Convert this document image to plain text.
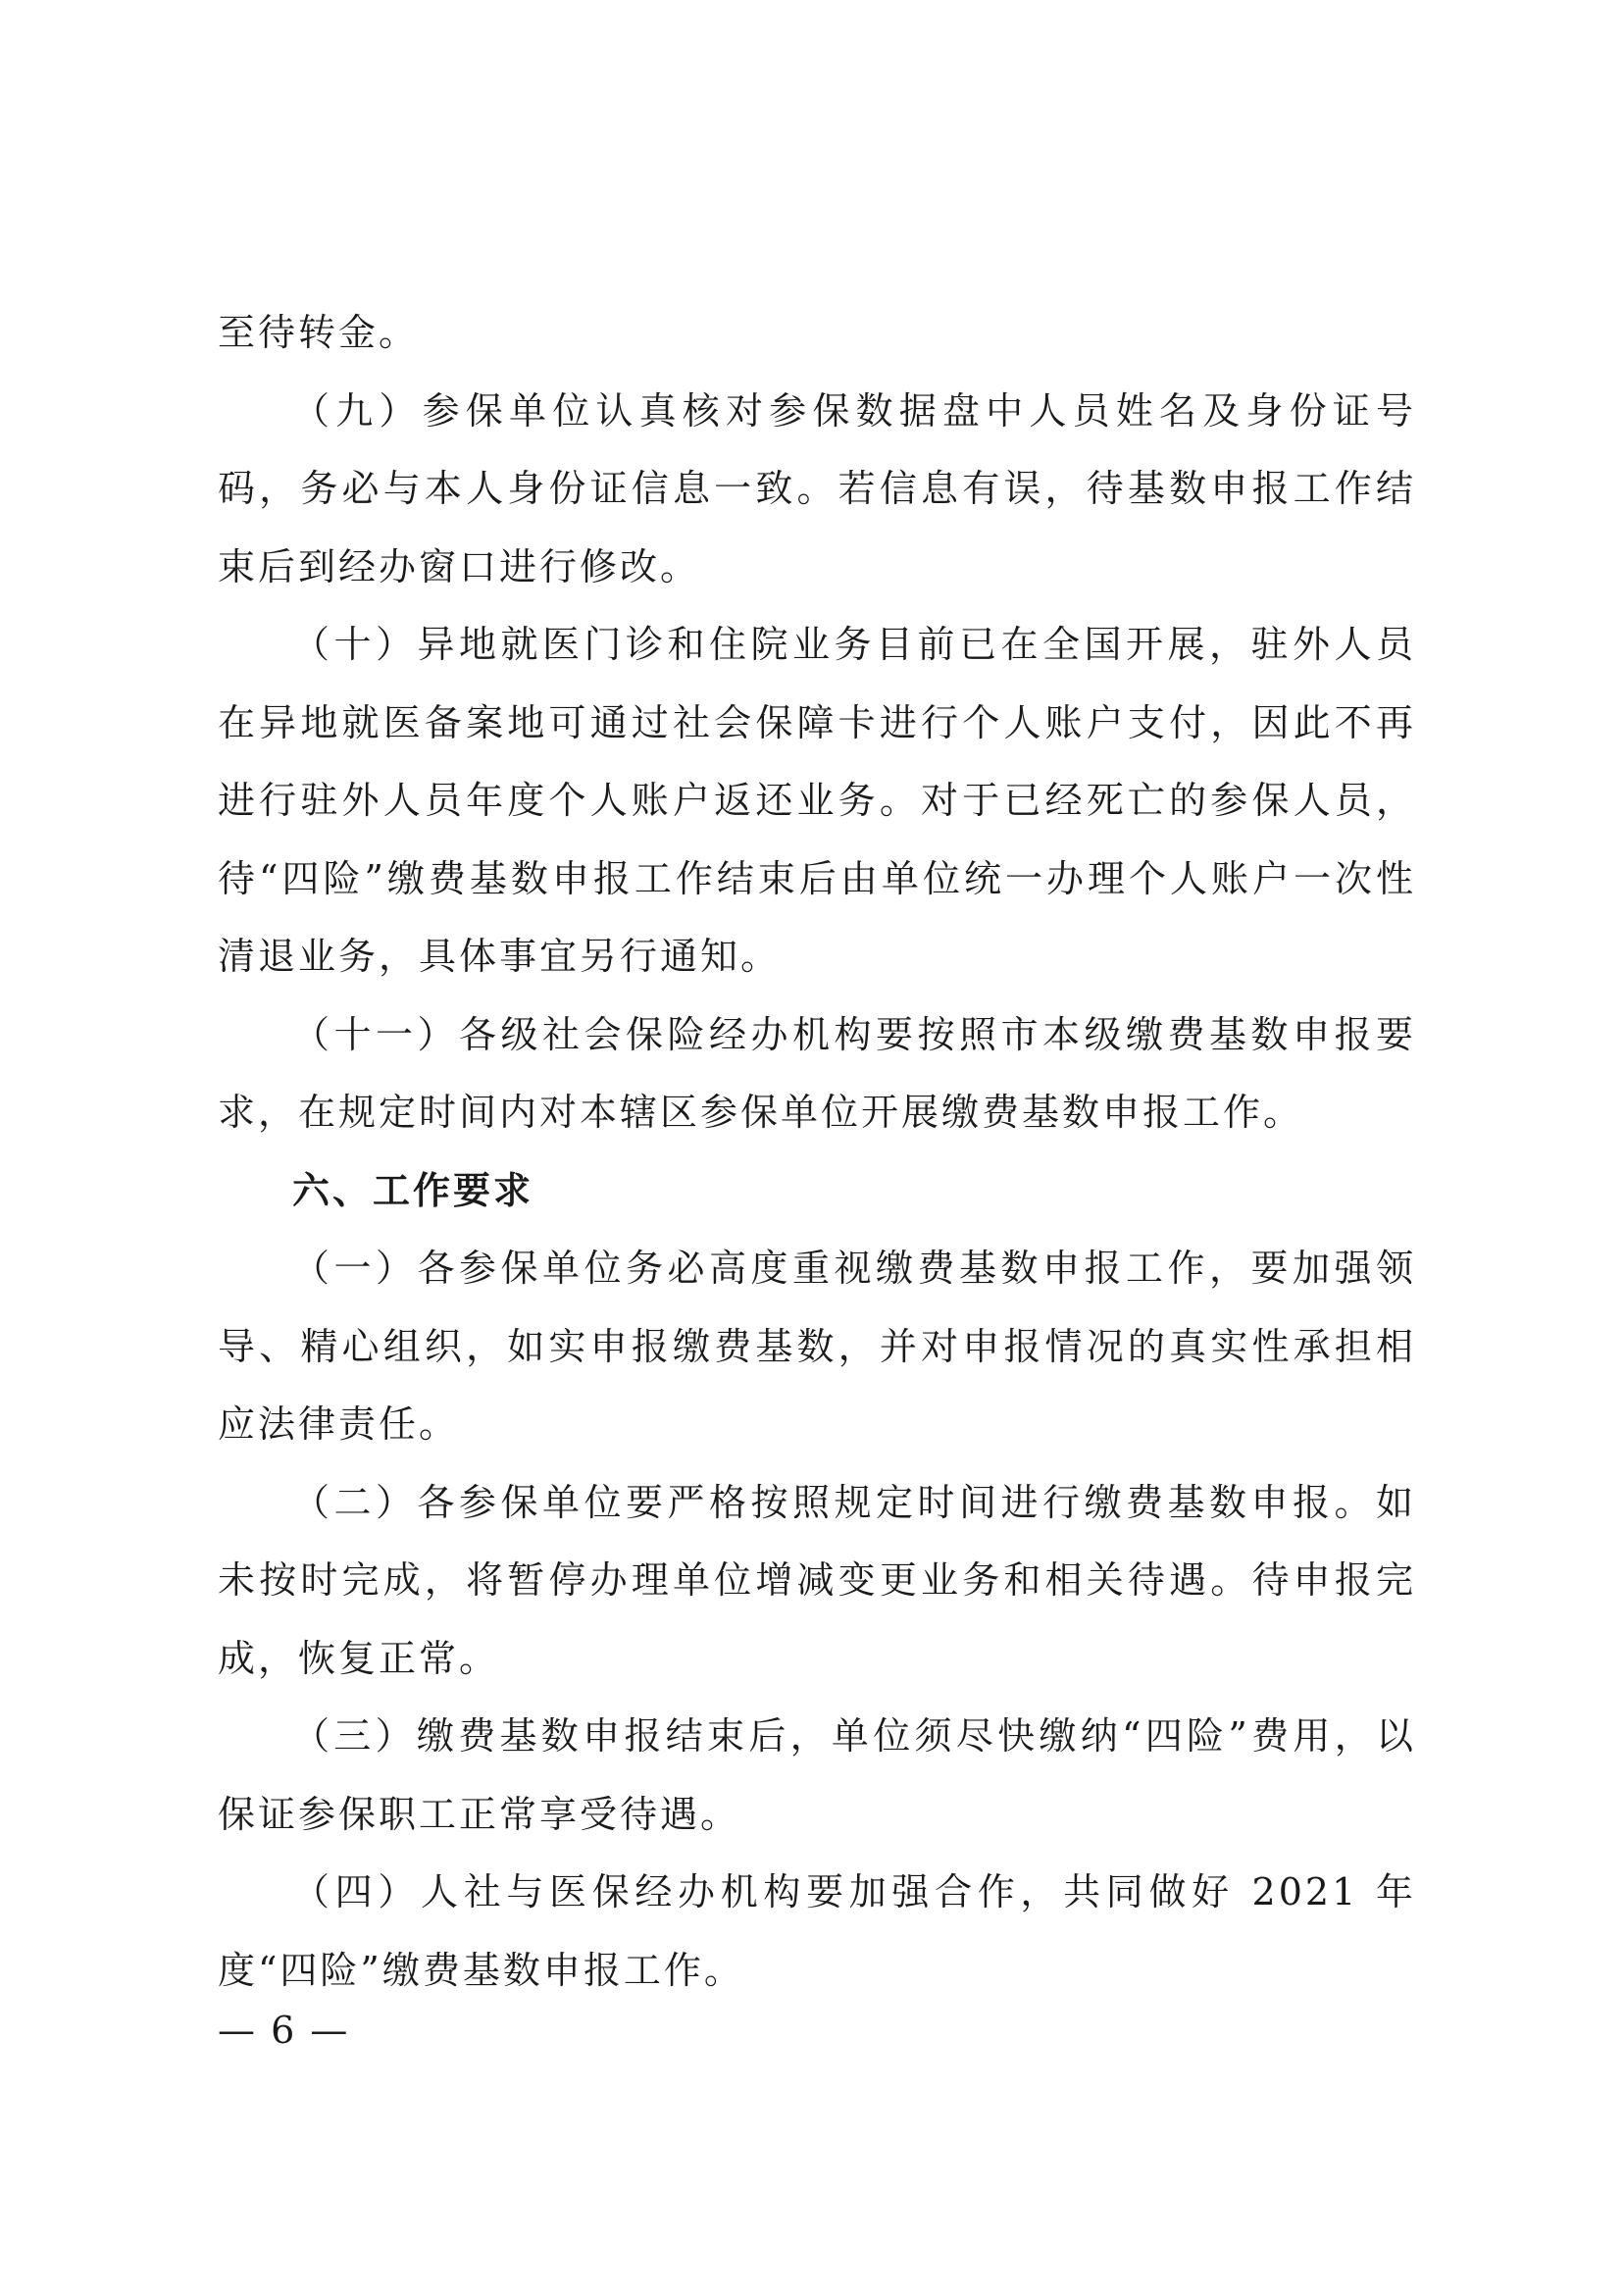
至待转金。

（九）参保单位认真核对参保数据盘中人员姓名及身份证号码，务必与本人身份证信息一致。若信息有误，待基数申报工作结束后到经办窗口进行修改。

（十）异地就医门诊和住院业务目前已在全国开展，驻外人员在异地就医备案地可通过社会保障卡进行个人账户支付，因此不再进行驻外人员年度个人账户返还业务。对于已经死亡的参保人员，待“四险”缴费基数申报工作结束后由单位统一办理个人账户一次性清退业务，具体事宜另行通知。

（十一）各级社会保险经办机构要按照市本级缴费基数申报要求，在规定时间内对本辖区参保单位开展缴费基数申报工作。

六、工作要求

（一）各参保单位务必高度重视缴费基数申报工作，要加强领导、精心组织，如实申报缴费基数，并对申报情况的真实性承担相应法律责任。

（二）各参保单位要严格按照规定时间进行缴费基数申报。如未按时完成，将暂停办理单位增减变更业务和相关待遇。待申报完成，恢复正常。

（三）缴费基数申报结束后，单位须尽快缴纳“四险”费用，以保证参保职工正常享受待遇。

（四）人社与医保经办机构要加强合作，共同做好 2021 年度“四险”缴费基数申报工作。

— 6 —
